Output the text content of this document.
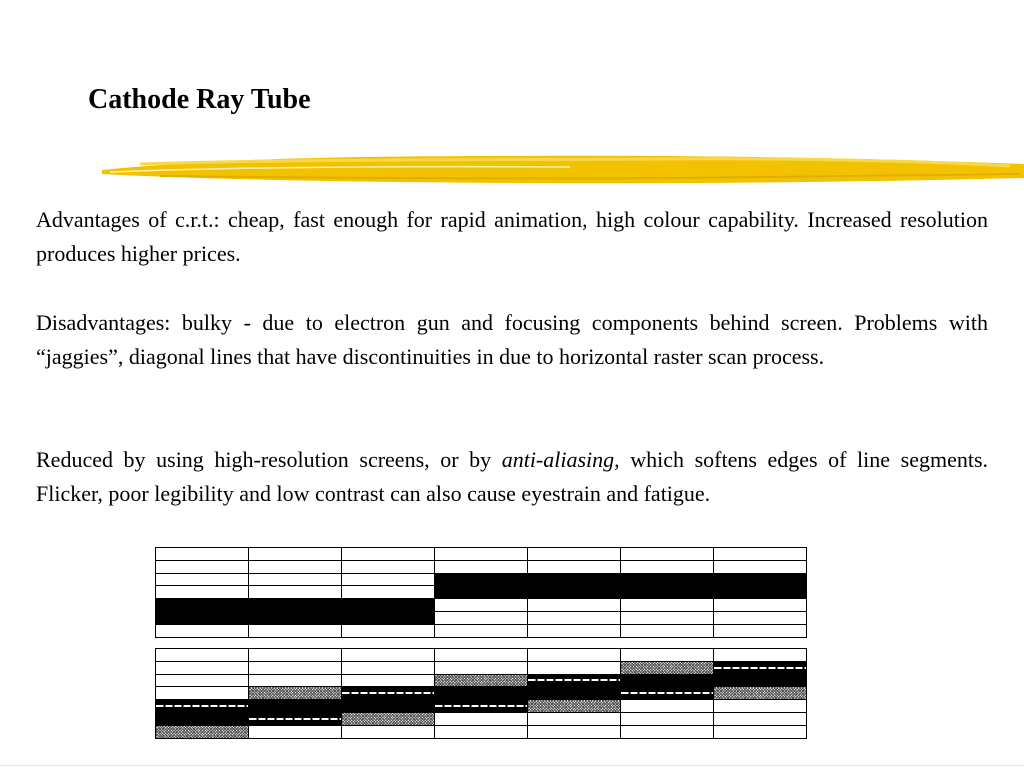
Cathode Ray Tube

Advantages of c.r.t.: cheap, fast enough for rapid animation, high colour capability. Increased resolution produces higher prices.

Disadvantages: bulky - due to electron gun and focusing components behind screen. Problems with “jaggies”, diagonal lines that have discontinuities in due to horizontal raster scan process.

Reduced by using high-resolution screens, or by anti-aliasing, which softens edges of line segments. Flicker, poor legibility and low contrast can also cause eyestrain and fatigue.
